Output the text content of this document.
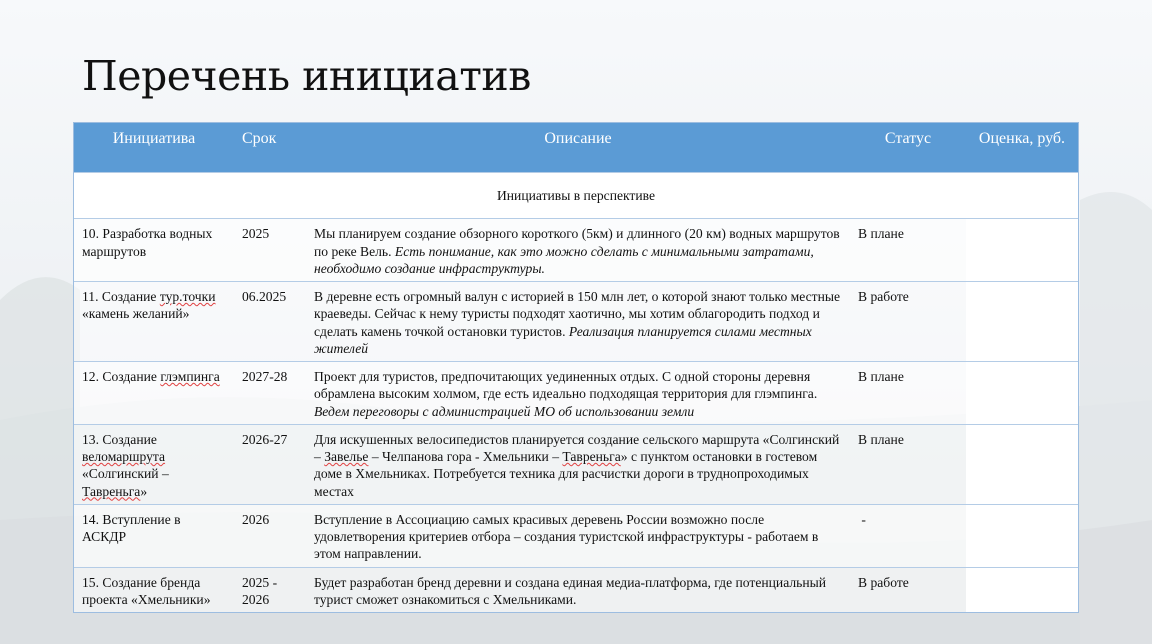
Перечень инициатив
Инициатива	Срок	Описание	Статус	Оценка, руб.
Инициативы в перспективе				
10. Разработка водных маршрутов	2025	Мы планируем создание обзорного короткого (5км) и длинного (20 км) водных маршрутов по реке Вель. Есть понимание, как это можно сделать с минимальными затратами, необходимо создание инфраструктуры.	В плане	
11. Создание тур.точки «камень желаний»	06.2025	В деревне есть огромный валун с историей в 150 млн лет, о которой знают только местные краеведы. Сейчас к нему туристы подходят хаотично, мы хотим облагородить подход и сделать камень точкой остановки туристов. Реализация планируется силами местных жителей	В работе	
12. Создание глэмпинга	2027-28	Проект для туристов, предпочитающих уединенных отдых. С одной стороны деревня обрамлена высоким холмом, где есть идеально подходящая территория для глэмпинга. Ведем переговоры с администрацией МО об использовании земли	В плане	
13. Создание веломаршрута «Солгинский – Тавреньга»	2026-27	Для искушенных велосипедистов планируется создание сельского маршрута «Солгинский – Завелье – Челпанова гора - Хмельники – Тавреньга» с пунктом остановки в гостевом доме в Хмельниках. Потребуется техника для расчистки дороги в труднопроходимых местах	В плане	
14. Вступление в АСКДР	2026	Вступление в Ассоциацию самых красивых деревень России возможно после удовлетворения критериев отбора – создания туристской инфраструктуры - работаем в этом направлении.	-	
15. Создание бренда проекта «Хмельники»	2025 - 2026	Будет разработан бренд деревни и создана единая медиа-платформа, где потенциальный турист сможет ознакомиться с Хмельниками.	В работе	
